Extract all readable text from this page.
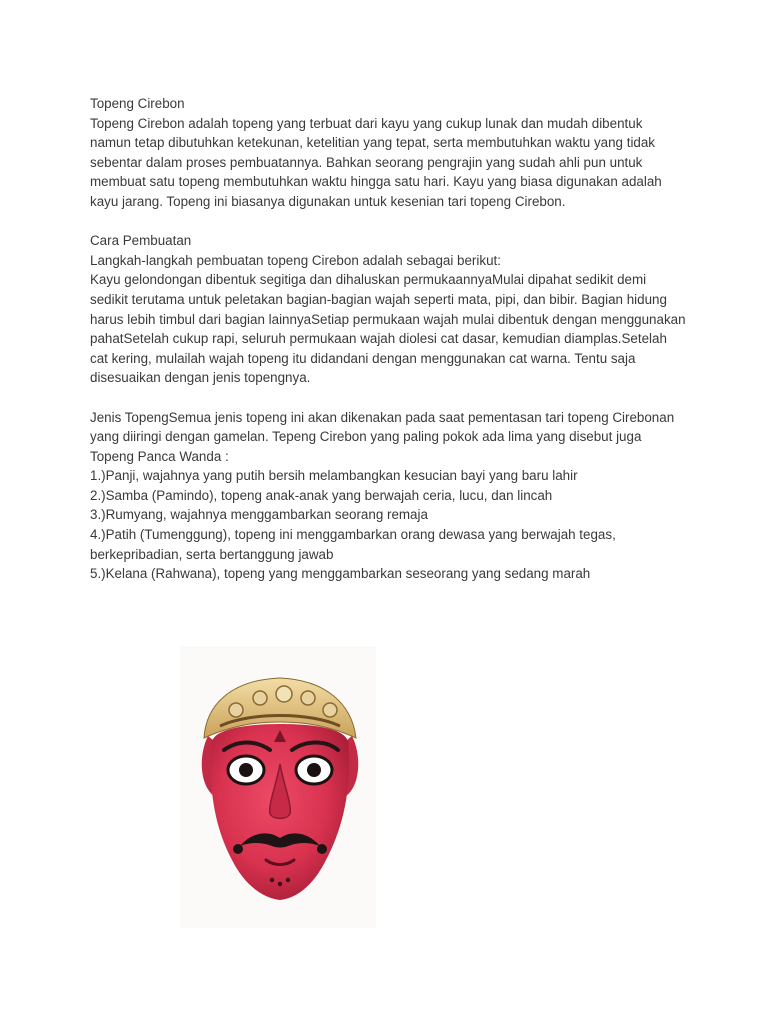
Topeng Cirebon
Topeng Cirebon adalah topeng yang terbuat dari kayu yang cukup lunak dan mudah dibentuk
namun tetap dibutuhkan ketekunan, ketelitian yang tepat, serta membutuhkan waktu yang tidak
sebentar dalam proses pembuatannya. Bahkan seorang pengrajin yang sudah ahli pun untuk
membuat satu topeng membutuhkan waktu hingga satu hari. Kayu yang biasa digunakan adalah
kayu jarang. Topeng ini biasanya digunakan untuk kesenian tari topeng Cirebon.
Cara Pembuatan
Langkah-langkah pembuatan topeng Cirebon adalah sebagai berikut:
Kayu gelondongan dibentuk segitiga dan dihaluskan permukaannyaMulai dipahat sedikit demi
sedikit terutama untuk peletakan bagian-bagian wajah seperti mata, pipi, dan bibir. Bagian hidung
harus lebih timbul dari bagian lainnyaSetiap permukaan wajah mulai dibentuk dengan menggunakan
pahatSetelah cukup rapi, seluruh permukaan wajah diolesi cat dasar, kemudian diamplas.Setelah
cat kering, mulailah wajah topeng itu didandani dengan menggunakan cat warna. Tentu saja
disesuaikan dengan jenis topengnya.
Jenis TopengSemua jenis topeng ini akan dikenakan pada saat pementasan tari topeng Cirebonan
yang diiringi dengan gamelan. Tepeng Cirebon yang paling pokok ada lima yang disebut juga
Topeng Panca Wanda :
1.)Panji, wajahnya yang putih bersih melambangkan kesucian bayi yang baru lahir
2.)Samba (Pamindo), topeng anak-anak yang berwajah ceria, lucu, dan lincah
3.)Rumyang, wajahnya menggambarkan seorang remaja
4.)Patih (Tumenggung), topeng ini menggambarkan orang dewasa yang berwajah tegas,
berkepribadian, serta bertanggung jawab
5.)Kelana (Rahwana), topeng yang menggambarkan seseorang yang sedang marah
